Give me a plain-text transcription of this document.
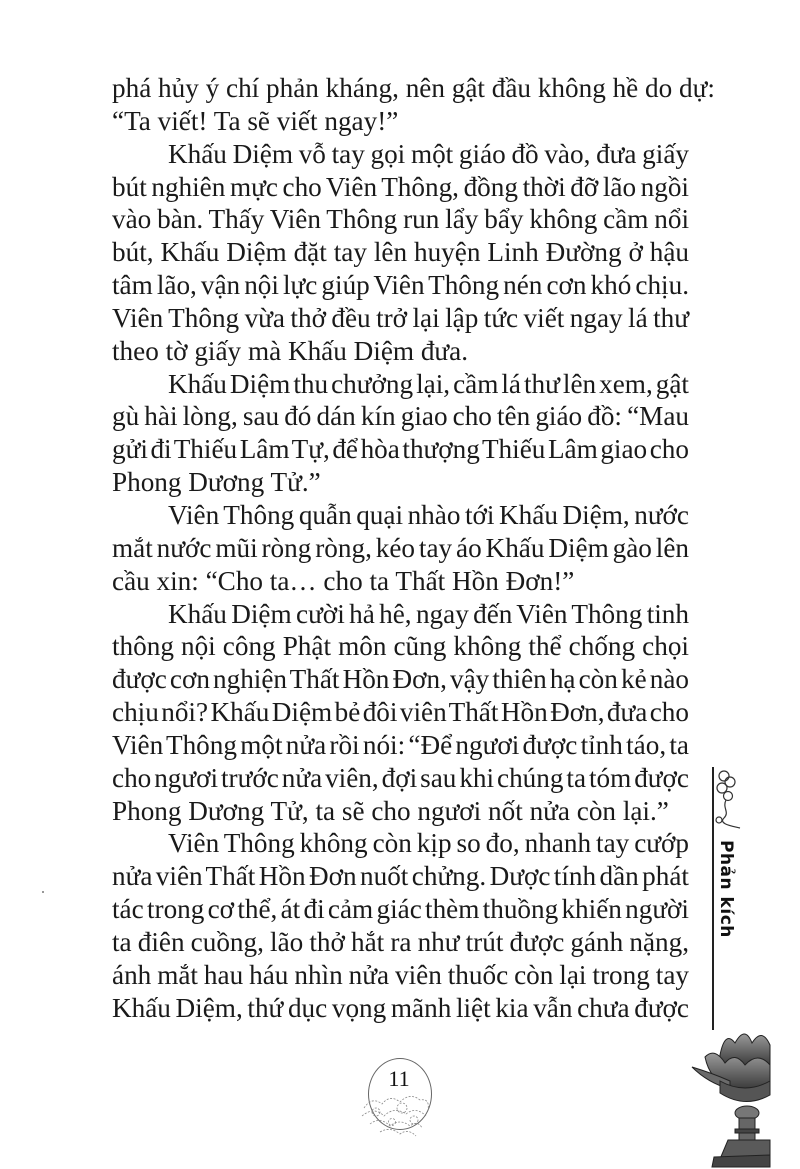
phá hủy ý chí phản kháng, nên gật đầu không hề do dự:
“Ta viết! Ta sẽ viết ngay!”
Khấu Diệm vỗ tay gọi một giáo đồ vào, đưa giấy
bút nghiên mực cho Viên Thông, đồng thời đỡ lão ngồi
vào bàn. Thấy Viên Thông run lẩy bẩy không cầm nổi
bút, Khấu Diệm đặt tay lên huyện Linh Đường ở hậu
tâm lão, vận nội lực giúp Viên Thông nén cơn khó chịu.
Viên Thông vừa thở đều trở lại lập tức viết ngay lá thư
theo tờ giấy mà Khấu Diệm đưa.
Khấu Diệm thu chưởng lại, cầm lá thư lên xem, gật
gù hài lòng, sau đó dán kín giao cho tên giáo đồ: “Mau
gửi đi Thiếu Lâm Tự, để hòa thượng Thiếu Lâm giao cho
Phong Dương Tử.”
Viên Thông quẫn quại nhào tới Khấu Diệm, nước
mắt nước mũi ròng ròng, kéo tay áo Khấu Diệm gào lên
cầu xin: “Cho ta… cho ta Thất Hồn Đơn!”
Khấu Diệm cười hả hê, ngay đến Viên Thông tinh
thông nội công Phật môn cũng không thể chống chọi
được cơn nghiện Thất Hồn Đơn, vậy thiên hạ còn kẻ nào
chịu nổi? Khấu Diệm bẻ đôi viên Thất Hồn Đơn, đưa cho
Viên Thông một nửa rồi nói: “Để ngươi được tỉnh táo, ta
cho ngươi trước nửa viên, đợi sau khi chúng ta tóm được
Phong Dương Tử, ta sẽ cho ngươi nốt nửa còn lại.”
Viên Thông không còn kịp so đo, nhanh tay cướp
nửa viên Thất Hồn Đơn nuốt chửng. Dược tính dần phát
tác trong cơ thể, át đi cảm giác thèm thuồng khiến người
ta điên cuồng, lão thở hắt ra như trút được gánh nặng,
ánh mắt hau háu nhìn nửa viên thuốc còn lại trong tay
Khấu Diệm, thứ dục vọng mãnh liệt kia vẫn chưa được
Phản kích
11
